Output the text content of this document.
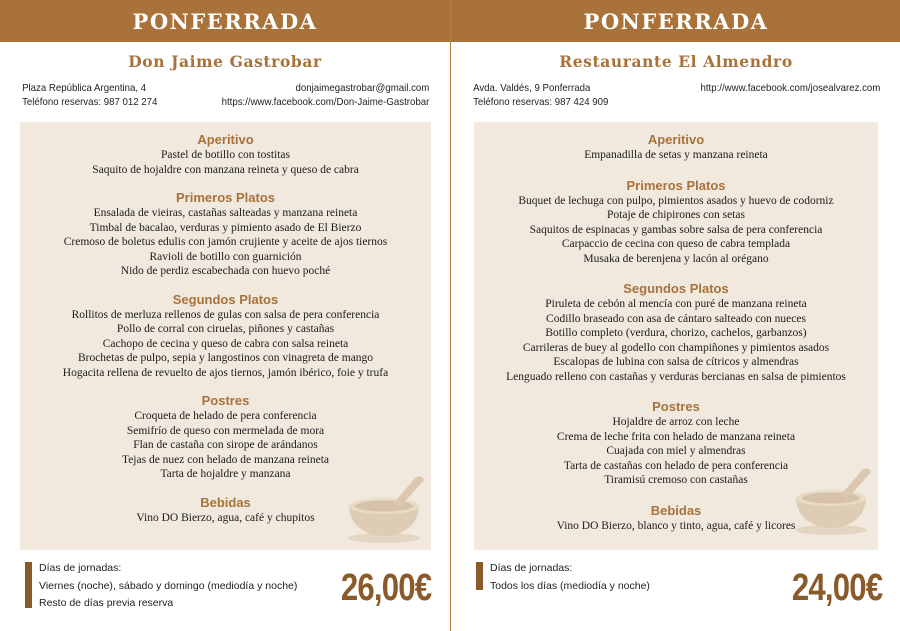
PONFERRADA
Don Jaime Gastrobar
Plaza República Argentina, 4
Teléfono reservas: 987 012 274
donjaimegastrobar@gmail.com
https://www.facebook.com/Don-Jaime-Gastrobar
Aperitivo
Pastel de botillo con tostitas
Saquito de hojaldre con manzana reineta y queso de cabra
Primeros Platos
Ensalada de vieiras, castañas salteadas y manzana reineta
Timbal de bacalao, verduras y pimiento asado de El Bierzo
Cremoso de boletus edulis con jamón crujiente y aceite de ajos tiernos
Ravioli de botillo con guarnición
Nido de perdiz escabechada con huevo poché
Segundos Platos
Rollitos de merluza rellenos de gulas con salsa de pera conferencia
Pollo de corral con ciruelas, piñones y castañas
Cachopo de cecina y queso de cabra con salsa reineta
Brochetas de pulpo, sepia y langostinos con vinagreta de mango
Hogacita rellena de revuelto de ajos tiernos, jamón ibérico, foie y trufa
Postres
Croqueta de helado de pera conferencia
Semifrío de queso con mermelada de mora
Flan de castaña con sirope de arándanos
Tejas de nuez con helado de manzana reineta
Tarta de hojaldre y manzana
Bebidas
Vino DO Bierzo, agua, café y chupitos
Días de jornadas:
Viernes (noche), sábado y domingo (mediodía y noche)
Resto de días previa reserva	26,00€
PONFERRADA
Restaurante El Almendro
Avda. Valdés, 9 Ponferrada
Teléfono reservas: 987 424 909
http://www.facebook.com/josealvarez.com
Aperitivo
Empanadilla de setas y manzana reineta
Primeros Platos
Buquet de lechuga con pulpo, pimientos asados y huevo de codorniz
Potaje de chipirones con setas
Saquitos de espinacas y gambas sobre salsa de pera conferencia
Carpaccio de cecina con queso de cabra templada
Musaka de berenjena y lacón al orégano
Segundos Platos
Piruleta de cebón al mencía con puré de manzana reineta
Codillo braseado con asa de cántaro salteado con nueces
Botillo completo (verdura, chorizo, cachelos, garbanzos)
Carrileras de buey al godello con champiñones y pimientos asados
Escalopas de lubina con salsa de cítricos y almendras
Lenguado relleno con castañas y verduras bercianas en salsa de pimientos
Postres
Hojaldre de arroz con leche
Crema de leche frita con helado de manzana reineta
Cuajada con miel y almendras
Tarta de castañas con helado de pera conferencia
Tiramisú cremoso con castañas
Bebidas
Vino DO Bierzo, blanco y tinto, agua, café y licores
Días de jornadas:
Todos los días (mediodía y noche)	24,00€
